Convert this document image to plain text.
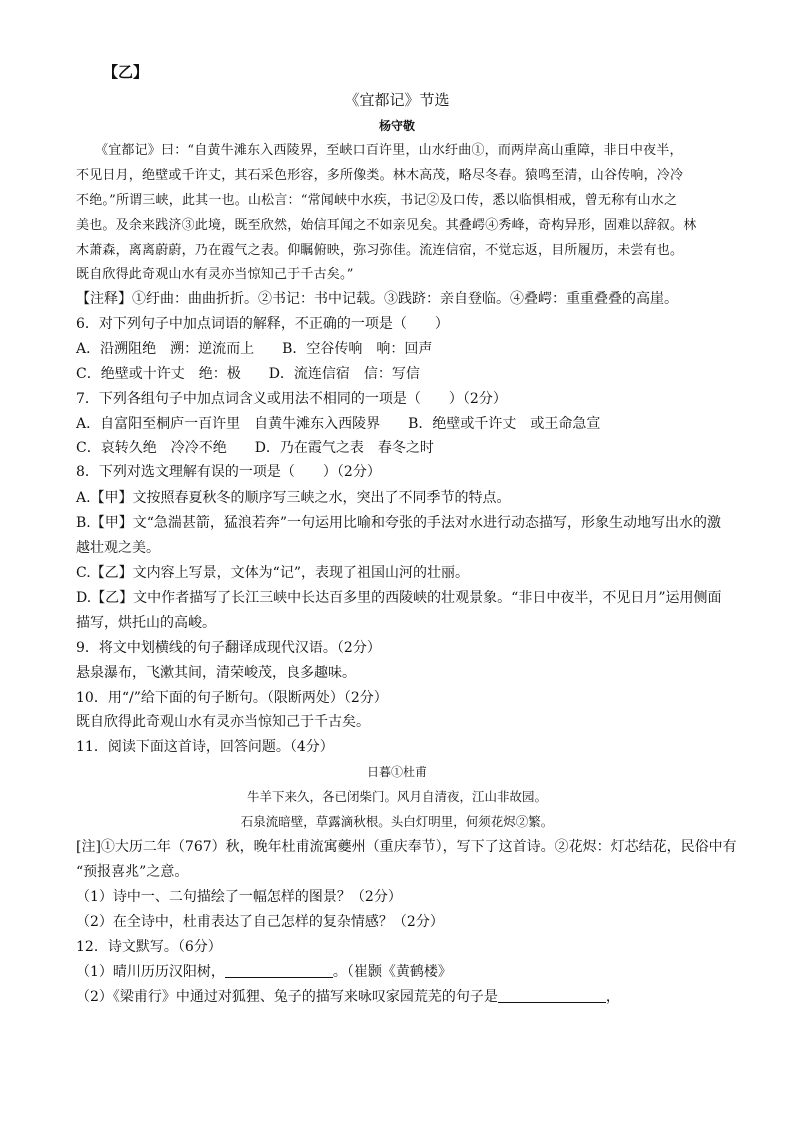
【乙】
《宜都记》节选
杨守敬
《宜都记》曰：“自黄牛滩东入西陵界，至峡口百许里，山水纡曲①，而两岸高山重障，非日中夜半，
不见日月，绝壁或千许丈，其石采色形容，多所像类。林木高茂，略尽冬春。猿鸣至清，山谷传响，冷冷
不绝。”所谓三峡，此其一也。山松言：“常闻峡中水疾，书记②及口传，悉以临惧相戒，曾无称有山水之
美也。及余来践济③此境，既至欣然，始信耳闻之不如亲见矣。其叠崿④秀峰，奇构异形，固难以辞叙。林
木萧森，离离蔚蔚，乃在霞气之表。仰瞩俯映，弥习弥佳。流连信宿，不觉忘返，目所履历，未尝有也。
既自欣得此奇观山水有灵亦当惊知己于千古矣。”
【注释】①纡曲：曲曲折折。②书记：书中记载。③践跻：亲自登临。④叠崿：重重叠叠的高崖。
6．对下列句子中加点词语的解释，不正确的一项是（　　）
A．沿溯阻绝　溯：逆流而上　　B．空谷传响　响：回声
C．绝壁或十许丈　绝：极　　D．流连信宿　信：写信
7．下列各组句子中加点词含义或用法不相同的一项是（　　）（2分）
A．自富阳至桐庐一百许里　自黄牛滩东入西陵界　　B．绝壁或千许丈　或王命急宣
C．哀转久绝　冷冷不绝　　D．乃在霞气之表　春冬之时
8．下列对选文理解有误的一项是（　　）（2分）
A.【甲】文按照春夏秋冬的顺序写三峡之水，突出了不同季节的特点。
B.【甲】文“急湍甚箭，猛浪若奔”一句运用比喻和夸张的手法对水进行动态描写，形象生动地写出水的激
越壮观之美。
C.【乙】文内容上写景，文体为“记”，表现了祖国山河的壮丽。
D.【乙】文中作者描写了长江三峡中长达百多里的西陵峡的壮观景象。“非日中夜半，不见日月”运用侧面
描写，烘托山的高峻。
9．将文中划横线的句子翻译成现代汉语。（2分）
悬泉瀑布，飞漱其间，清荣峻茂，良多趣味。
10．用“/”给下面的句子断句。（限断两处）（2分）
既自欣得此奇观山水有灵亦当惊知己于千古矣。
11．阅读下面这首诗，回答问题。（4分）
日暮①杜甫
牛羊下来久，各已闭柴门。风月自清夜，江山非故园。
石泉流暗壁，草露滴秋根。头白灯明里，何须花烬②繁。
[注]①大历二年（767）秋，晚年杜甫流寓夔州（重庆奉节），写下了这首诗。②花烬：灯芯结花，民俗中有
“预报喜兆”之意。
（1）诗中一、二句描绘了一幅怎样的图景？（2分）
（2）在全诗中，杜甫表达了自己怎样的复杂情感？（2分）
12．诗文默写。（6分）
（1）晴川历历汉阳树，	。（崔颢《黄鹤楼》
（2）《梁甫行》中通过对狐狸、兔子的描写来咏叹家园荒芜的句子是	，
